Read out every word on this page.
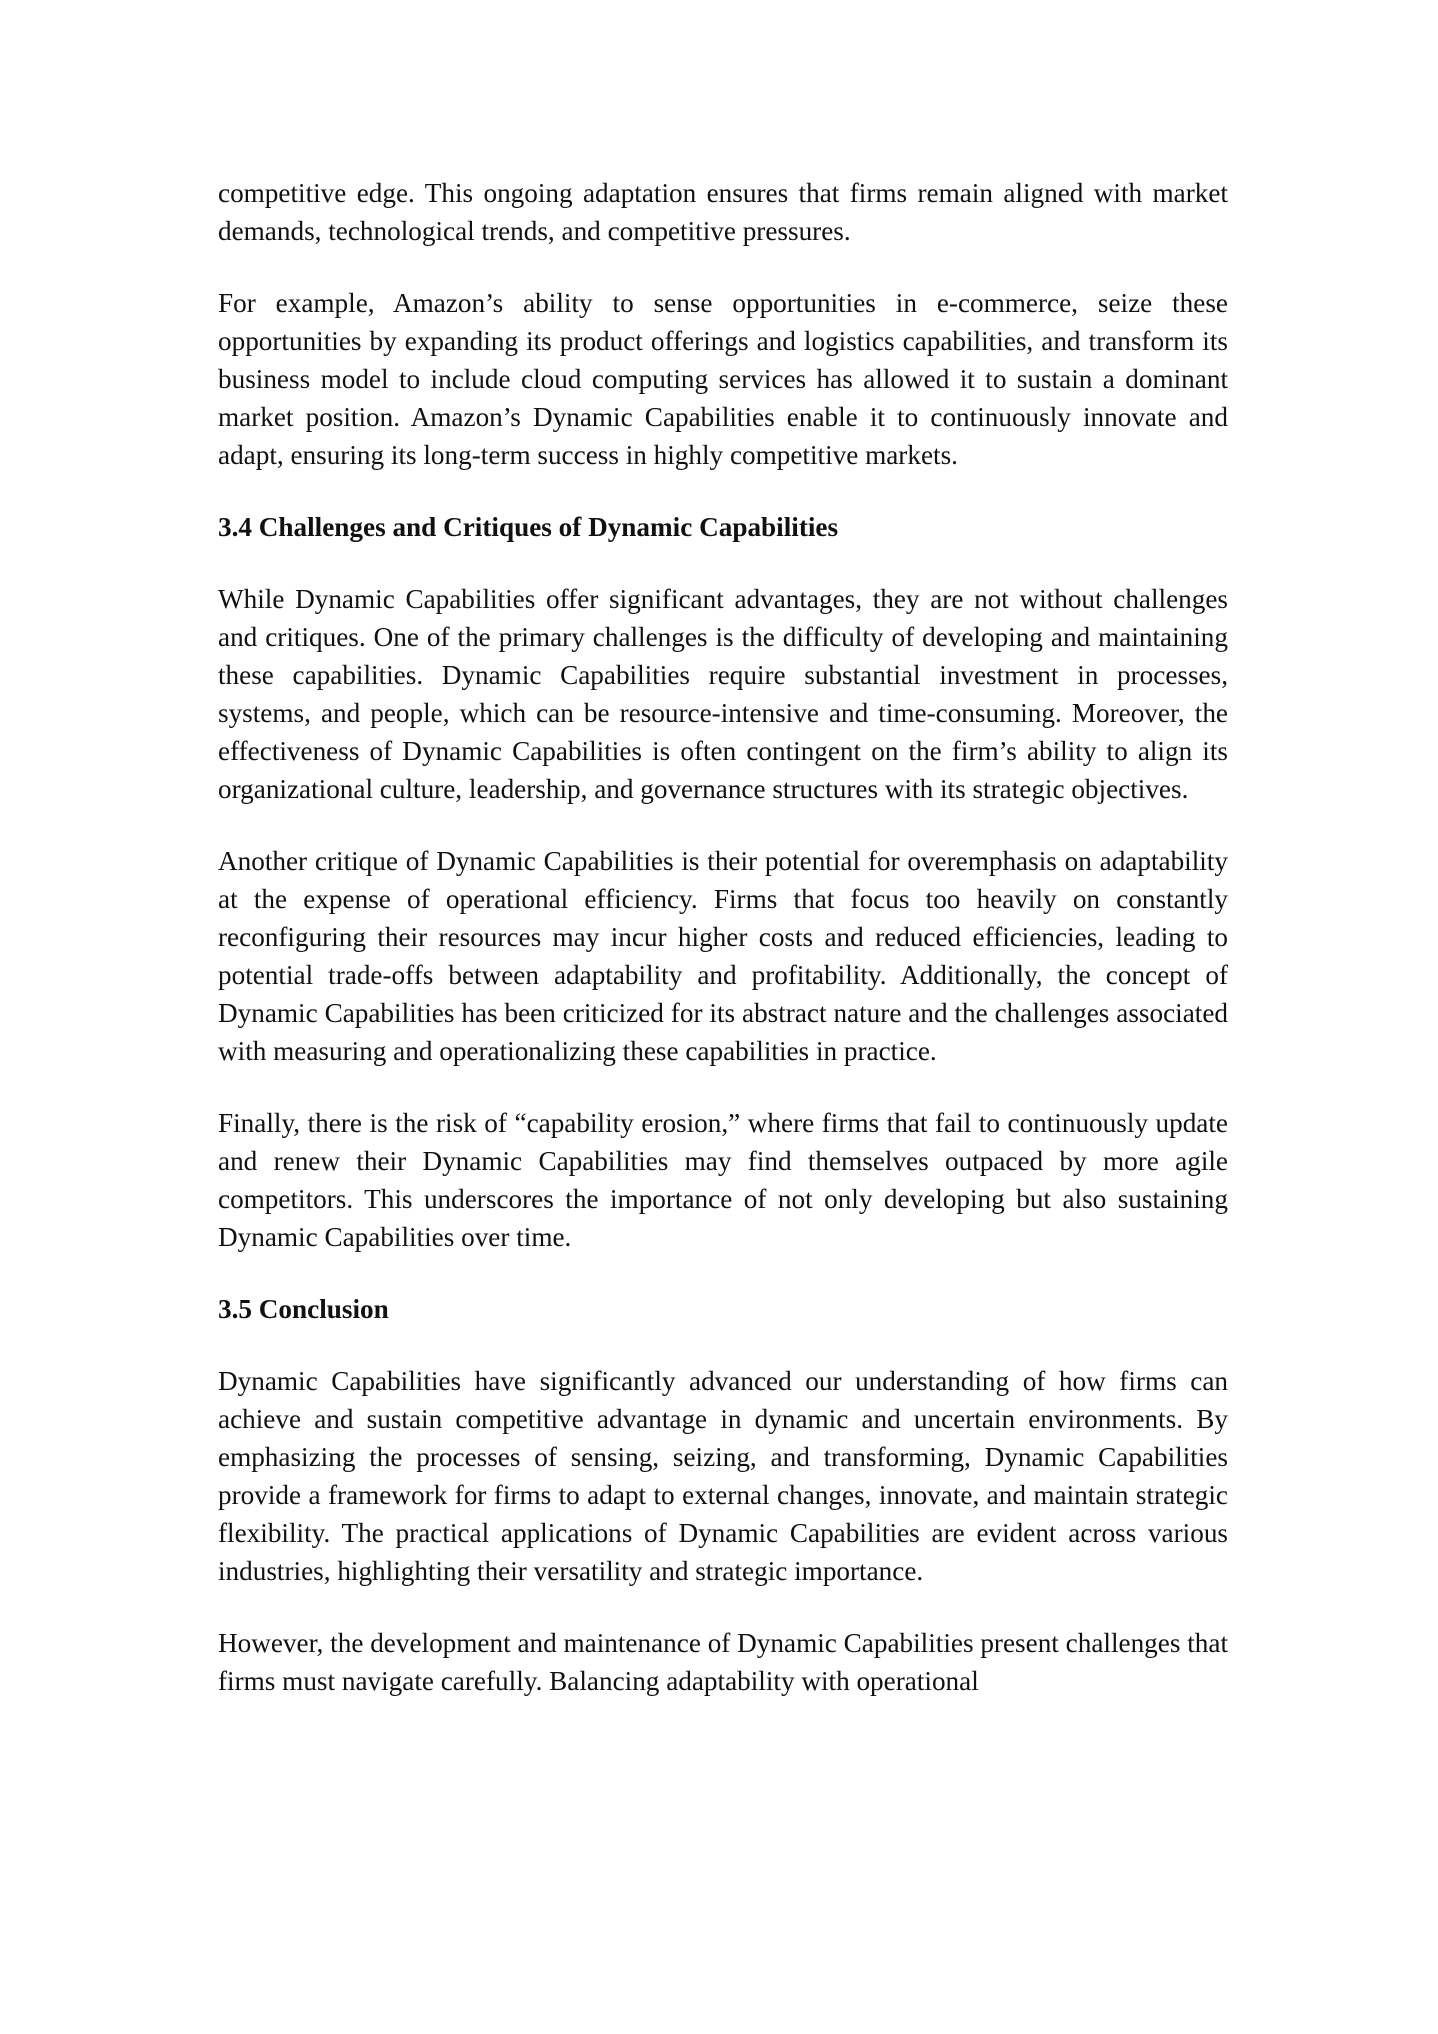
competitive edge. This ongoing adaptation ensures that firms remain aligned with market demands, technological trends, and competitive pressures.

For example, Amazon’s ability to sense opportunities in e-commerce, seize these opportunities by expanding its product offerings and logistics capabilities, and transform its business model to include cloud computing services has allowed it to sustain a dominant market position. Amazon’s Dynamic Capabilities enable it to continuously innovate and adapt, ensuring its long-term success in highly competitive markets.

3.4 Challenges and Critiques of Dynamic Capabilities

While Dynamic Capabilities offer significant advantages, they are not without challenges and critiques. One of the primary challenges is the difficulty of developing and maintaining these capabilities. Dynamic Capabilities require substantial investment in processes, systems, and people, which can be resource-intensive and time-consuming. Moreover, the effectiveness of Dynamic Capabilities is often contingent on the firm’s ability to align its organizational culture, leadership, and governance structures with its strategic objectives.

Another critique of Dynamic Capabilities is their potential for overemphasis on adaptability at the expense of operational efficiency. Firms that focus too heavily on constantly reconfiguring their resources may incur higher costs and reduced efficiencies, leading to potential trade-offs between adaptability and profitability. Additionally, the concept of Dynamic Capabilities has been criticized for its abstract nature and the challenges associated with measuring and operationalizing these capabilities in practice.

Finally, there is the risk of “capability erosion,” where firms that fail to continuously update and renew their Dynamic Capabilities may find themselves outpaced by more agile competitors. This underscores the importance of not only developing but also sustaining Dynamic Capabilities over time.

3.5 Conclusion

Dynamic Capabilities have significantly advanced our understanding of how firms can achieve and sustain competitive advantage in dynamic and uncertain environments. By emphasizing the processes of sensing, seizing, and transforming, Dynamic Capabilities provide a framework for firms to adapt to external changes, innovate, and maintain strategic flexibility. The practical applications of Dynamic Capabilities are evident across various industries, highlighting their versatility and strategic importance.

However, the development and maintenance of Dynamic Capabilities present challenges that firms must navigate carefully. Balancing adaptability with operational
